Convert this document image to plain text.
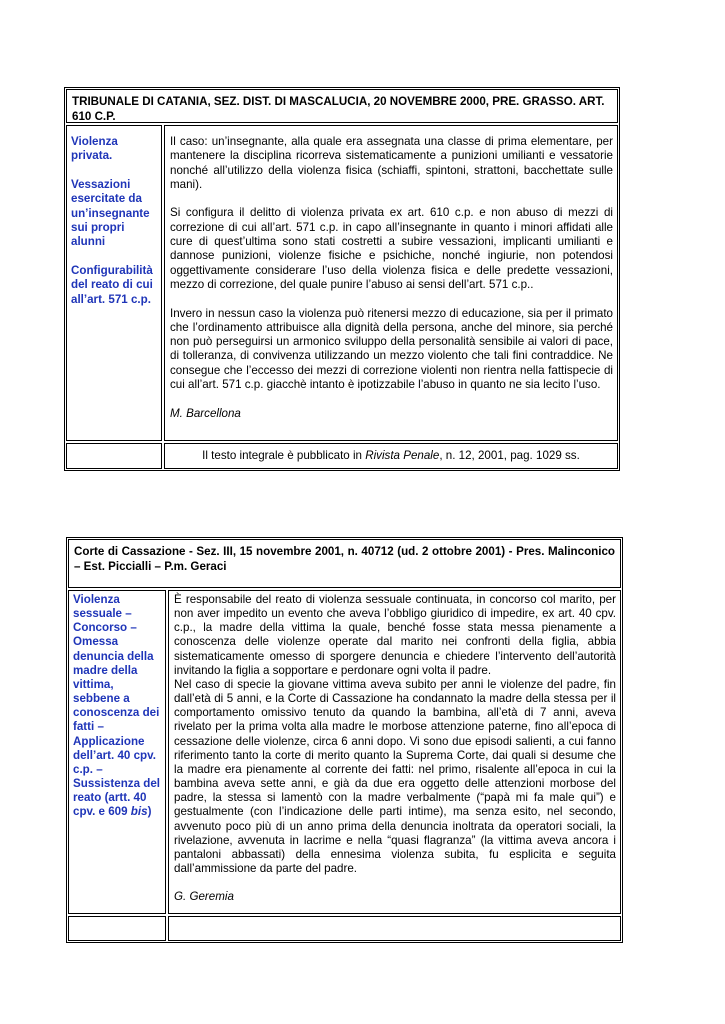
TRIBUNALE DI CATANIA, SEZ. DIST. DI MASCALUCIA, 20 NOVEMBRE 2000, PRE. GRASSO. ART. 610 C.P.

Violenza privata.

Vessazioni esercitate da un’insegnante sui propri alunni

Configurabilità del reato di cui all’art. 571 c.p.

Il caso: un’insegnante, alla quale era assegnata una classe di prima elementare, per mantenere la disciplina ricorreva sistematicamente a punizioni umilianti e vessatorie nonché all’utilizzo della violenza fisica (schiaffi, spintoni, strattoni, bacchettate sulle mani).

Si configura il delitto di violenza privata ex art. 610 c.p. e non abuso di mezzi di correzione di cui all’art. 571 c.p. in capo all’insegnante in quanto i minori affidati alle cure di quest’ultima sono stati costretti a subire vessazioni, implicanti umilianti e dannose punizioni, violenze fisiche e psichiche, nonché ingiurie, non potendosi oggettivamente considerare l’uso della violenza fisica e delle predette vessazioni, mezzo di correzione, del quale punire l’abuso ai sensi dell’art. 571 c.p..

Invero in nessun caso la violenza può ritenersi mezzo di educazione, sia per il primato che l’ordinamento attribuisce alla dignità della persona, anche del minore, sia perché non può perseguirsi un armonico sviluppo della personalità sensibile ai valori di pace, di tolleranza, di convivenza utilizzando un mezzo violento che tali fini contraddice. Ne consegue che l’eccesso dei mezzi di correzione violenti non rientra nella fattispecie di cui all’art. 571 c.p. giacchè intanto è ipotizzabile l’abuso in quanto ne sia lecito l’uso.

M. Barcellona

Il testo integrale è pubblicato in Rivista Penale, n. 12, 2001, pag. 1029 ss.
Corte di Cassazione - Sez. III, 15 novembre 2001, n. 40712 (ud. 2 ottobre 2001) - Pres. Malinconico – Est. Piccialli – P.m. Geraci
Violenza sessuale – Concorso – Omessa denuncia della madre della vittima, sebbene a conoscenza dei fatti – Applicazione dell’art. 40 cpv. c.p. – Sussistenza del reato (artt. 40 cpv. e 609 bis)

È responsabile del reato di violenza sessuale continuata, in concorso col marito, per non aver impedito un evento che aveva l’obbligo giuridico di impedire, ex art. 40 cpv. c.p., la madre della vittima la quale, benché fosse stata messa pienamente a conoscenza delle violenze operate dal marito nei confronti della figlia, abbia sistematicamente omesso di sporgere denuncia e chiedere l’intervento dell’autorità invitando la figlia a sopportare e perdonare ogni volta il padre.

Nel caso di specie la giovane vittima aveva subito per anni le violenze del padre, fin dall’età di 5 anni, e la Corte di Cassazione ha condannato la madre della stessa per il comportamento omissivo tenuto da quando la bambina, all’età di 7 anni, aveva rivelato per la prima volta alla madre le morbose attenzione paterne, fino all’epoca di cessazione delle violenze, circa 6 anni dopo. Vi sono due episodi salienti, a cui fanno riferimento tanto la corte di merito quanto la Suprema Corte, dai quali si desume che la madre era pienamente al corrente dei fatti: nel primo, risalente all’epoca in cui la bambina aveva sette anni, e già da due era oggetto delle attenzioni morbose del padre, la stessa si lamentò con la madre verbalmente (“papà mi fa male qui”) e gestualmente (con l’indicazione delle parti intime), ma senza esito, nel secondo, avvenuto poco più di un anno prima della denuncia inoltrata da operatori sociali, la rivelazione, avvenuta in lacrime e nella “quasi flagranza” (la vittima aveva ancora i pantaloni abbassati) della ennesima violenza subita, fu esplicita e seguita dall’ammissione da parte del padre.

G. Geremia
